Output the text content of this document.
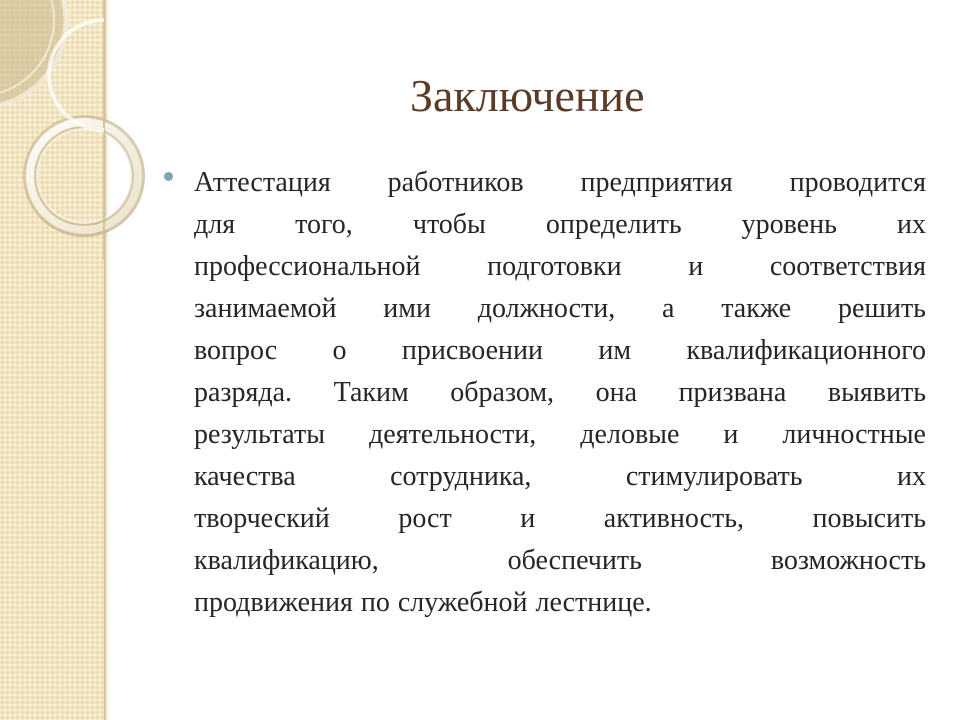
Заключение
Аттестация работников предприятия проводится
для того, чтобы определить уровень их
профессиональной подготовки и соответствия
занимаемой ими должности, а также решить
вопрос о присвоении им квалификационного
разряда. Таким образом, она призвана выявить
результаты деятельности, деловые и личностные
качества	сотрудника,	стимулировать	их
творческий рост и активность, повысить
квалификацию,	обеспечить	возможность
продвижения по служебной лестнице.
